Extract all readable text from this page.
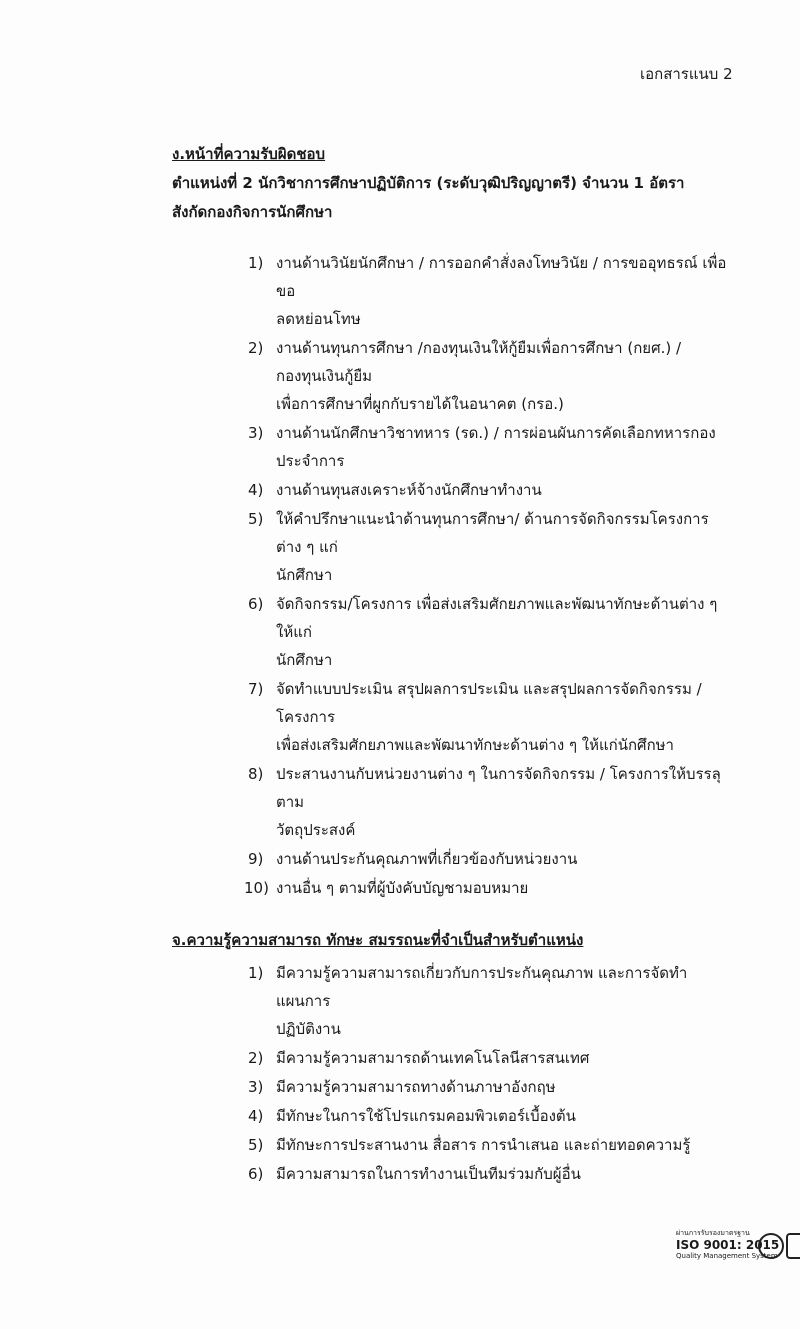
เอกสารแนบ 2
ง.หน้าที่ความรับผิดชอบ
ตำแหน่งที่ 2 นักวิชาการศึกษาปฏิบัติการ (ระดับวุฒิปริญญาตรี) จำนวน 1 อัตรา
สังกัดกองกิจการนักศึกษา
1) งานด้านวินัยนักศึกษา / การออกคำสั่งลงโทษวินัย / การขออุทธรณ์ เพื่อขอ
ลดหย่อนโทษ
2) งานด้านทุนการศึกษา /กองทุนเงินให้กู้ยืมเพื่อการศึกษา (กยศ.) / กองทุนเงินกู้ยืม
เพื่อการศึกษาที่ผูกกับรายได้ในอนาคต (กรอ.)
3) งานด้านนักศึกษาวิชาทหาร (รด.) / การผ่อนผันการคัดเลือกทหารกองประจำการ
4) งานด้านทุนสงเคราะห์จ้างนักศึกษาทำงาน
5) ให้คำปรึกษาแนะนำด้านทุนการศึกษา/ ด้านการจัดกิจกรรมโครงการต่าง ๆ แก่
นักศึกษา
6) จัดกิจกรรม/โครงการ เพื่อส่งเสริมศักยภาพและพัฒนาทักษะด้านต่าง ๆ ให้แก่
นักศึกษา
7) จัดทำแบบประเมิน สรุปผลการประเมิน และสรุปผลการจัดกิจกรรม /โครงการ
เพื่อส่งเสริมศักยภาพและพัฒนาทักษะด้านต่าง ๆ ให้แก่นักศึกษา
8) ประสานงานกับหน่วยงานต่าง ๆ ในการจัดกิจกรรม / โครงการให้บรรลุตาม
วัตถุประสงค์
9) งานด้านประกันคุณภาพที่เกี่ยวข้องกับหน่วยงาน
10) งานอื่น ๆ ตามที่ผู้บังคับบัญชามอบหมาย
จ.ความรู้ความสามารถ ทักษะ สมรรถนะที่จำเป็นสำหรับตำแหน่ง
1) มีความรู้ความสามารถเกี่ยวกับการประกันคุณภาพ และการจัดทำแผนการ
ปฏิบัติงาน
2) มีความรู้ความสามารถด้านเทคโนโลนีสารสนเทศ
3) มีความรู้ความสามารถทางด้านภาษาอังกฤษ
4) มีทักษะในการใช้โปรแกรมคอมพิวเตอร์เบื้องต้น
5) มีทักษะการประสานงาน สื่อสาร การนำเสนอ และถ่ายทอดความรู้
6) มีความสามารถในการทำงานเป็นทีมร่วมกับผู้อื่น
ผ่านการรับรองมาตรฐาน
ISO 9001: 2015
Quality Management System
